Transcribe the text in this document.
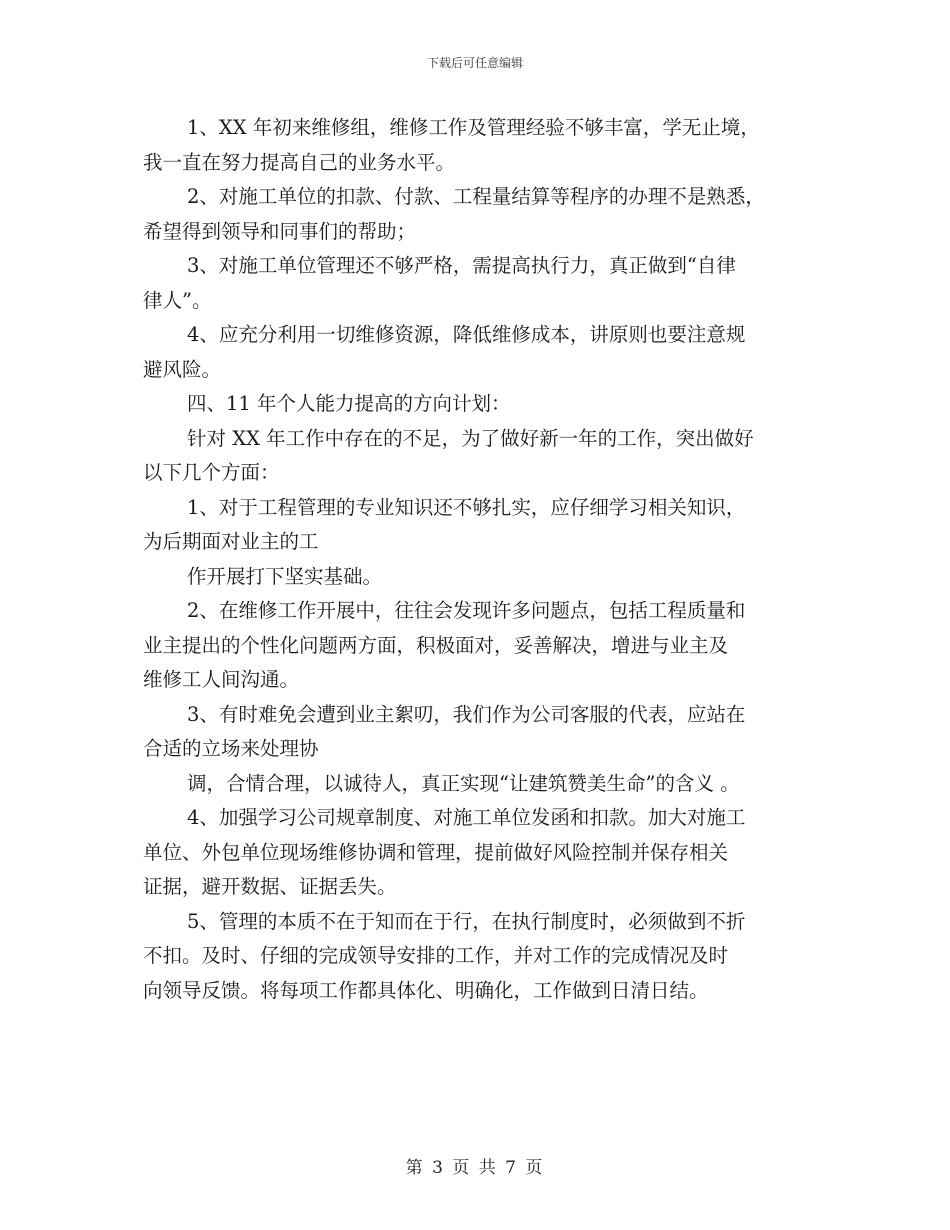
下载后可任意编辑
1、XX 年初来维修组，维修工作及管理经验不够丰富，学无止境，
我一直在努力提高自己的业务水平。
2、对施工单位的扣款、付款、工程量结算等程序的办理不是熟悉，
希望得到领导和同事们的帮助；
3、对施工单位管理还不够严格，需提高执行力，真正做到“自律
律人”。
4、应充分利用一切维修资源，降低维修成本，讲原则也要注意规
避风险。
四、11 年个人能力提高的方向计划：
针对 XX 年工作中存在的不足，为了做好新一年的工作，突出做好
以下几个方面：
1、对于工程管理的专业知识还不够扎实，应仔细学习相关知识，
为后期面对业主的工
作开展打下坚实基础。
2、在维修工作开展中，往往会发现许多问题点，包括工程质量和
业主提出的个性化问题两方面，积极面对，妥善解决，增进与业主及
维修工人间沟通。
3、有时难免会遭到业主絮叨，我们作为公司客服的代表，应站在
合适的立场来处理协
调，合情合理，以诚待人，真正实现“让建筑赞美生命”的含义 。
4、加强学习公司规章制度、对施工单位发函和扣款。加大对施工
单位、外包单位现场维修协调和管理，提前做好风险控制并保存相关
证据，避开数据、证据丢失。
5、管理的本质不在于知而在于行，在执行制度时，必须做到不折
不扣。及时、仔细的完成领导安排的工作，并对工作的完成情况及时
向领导反馈。将每项工作都具体化、明确化，工作做到日清日结。
第 3 页 共 7 页
